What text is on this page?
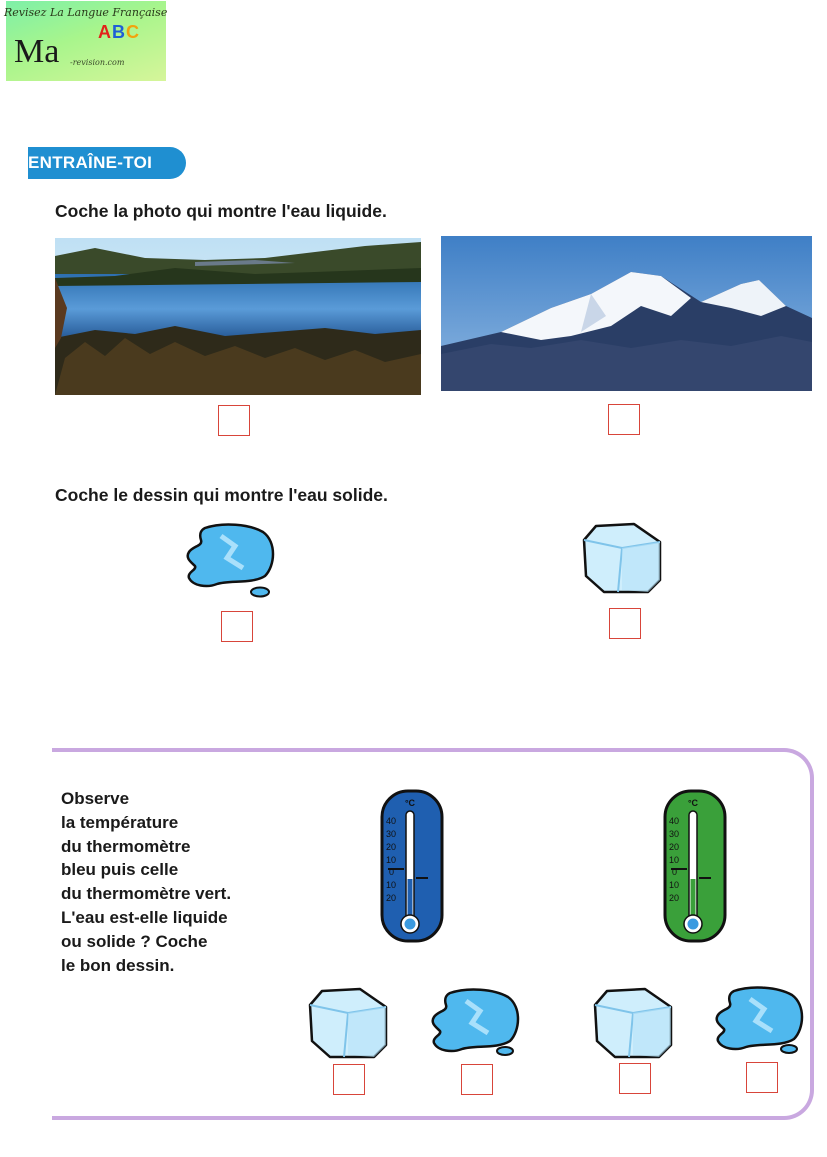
Revisez La Langue Française
Ma
ABC
-revision.com
ENTRAÎNE-TOI
Coche la photo qui montre l'eau liquide.
Coche le dessin qui montre l'eau solide.
Observe
la température
du thermomètre
bleu puis celle
du thermomètre vert.
L'eau est-elle liquide
ou solide ? Coche
le bon dessin.
°C
40
30
20
10
0
10
20
°C
40
30
20
10
0
10
20
